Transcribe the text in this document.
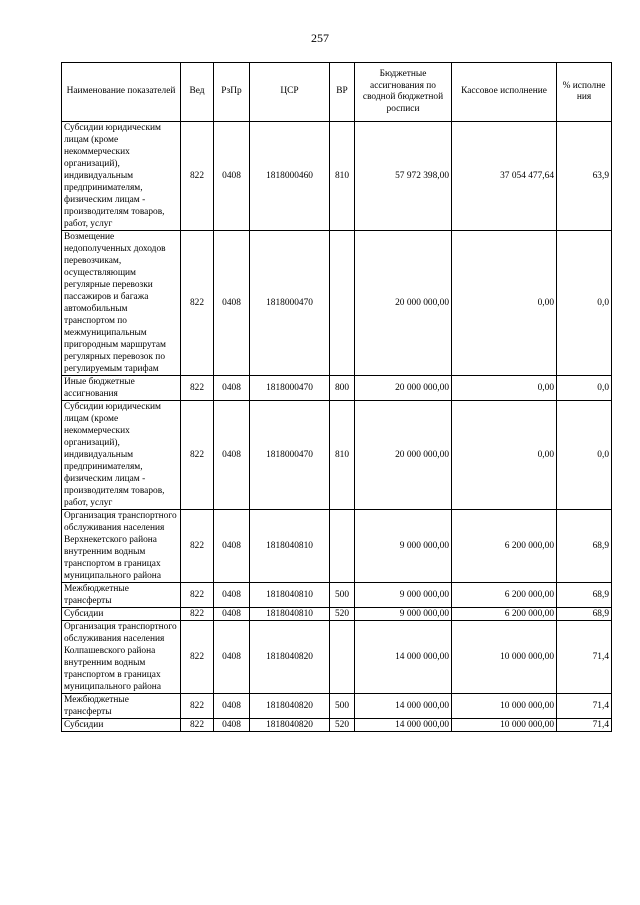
257
Наименование показателей	Вед	РзПр	ЦСР	ВР	Бюджетные ассигнования по сводной бюджетной росписи	Кассовое исполнение	% исполне ния
Субсидии юридическим лицам (кроме некоммерческих организаций), индивидуальным предпринимателям, физическим лицам - производителям товаров, работ, услуг	822	0408	1818000460	810	57 972 398,00	37 054 477,64	63,9
Возмещение недополученных доходов перевозчикам, осуществляющим регулярные перевозки пассажиров и багажа автомобильным транспортом по межмуниципальным пригородным маршрутам регулярных перевозок по регулируемым тарифам	822	0408	1818000470		20 000 000,00	0,00	0,0
Иные бюджетные ассигнования	822	0408	1818000470	800	20 000 000,00	0,00	0,0
Субсидии юридическим лицам (кроме некоммерческих организаций), индивидуальным предпринимателям, физическим лицам - производителям товаров, работ, услуг	822	0408	1818000470	810	20 000 000,00	0,00	0,0
Организация транспортного обслуживания населения Верхнекетского района внутренним водным транспортом в границах муниципального района	822	0408	1818040810		9 000 000,00	6 200 000,00	68,9
Межбюджетные трансферты	822	0408	1818040810	500	9 000 000,00	6 200 000,00	68,9
Субсидии	822	0408	1818040810	520	9 000 000,00	6 200 000,00	68,9
Организация транспортного обслуживания населения Колпашевского района внутренним водным транспортом в границах муниципального района	822	0408	1818040820		14 000 000,00	10 000 000,00	71,4
Межбюджетные трансферты	822	0408	1818040820	500	14 000 000,00	10 000 000,00	71,4
Субсидии	822	0408	1818040820	520	14 000 000,00	10 000 000,00	71,4
